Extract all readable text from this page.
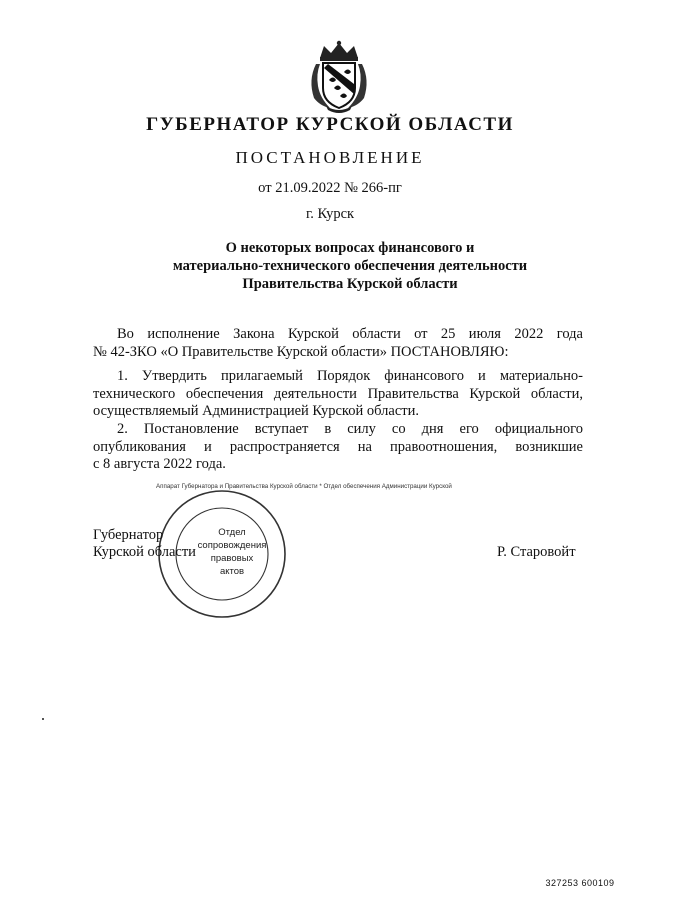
ГУБЕРНАТОР КУРСКОЙ ОБЛАСТИ
ПОСТАНОВЛЕНИЕ
от 21.09.2022 № 266-пг
г. Курск
О некоторых вопросах финансового и
материально-технического обеспечения деятельности
Правительства Курской области
Во исполнение Закона Курской области от 25 июля 2022 года
№ 42-ЗКО «О Правительстве Курской области» ПОСТАНОВЛЯЮ:
1. Утвердить прилагаемый Порядок финансового и материально-
технического обеспечения деятельности Правительства Курской области,
осуществляемый Администрацией Курской области.
2. Постановление вступает в силу со дня его официального
опубликования и распространяется на правоотношения, возникшие
с 8 августа 2022 года.
Аппарат Губернатора и Правительства Курской области * Отдел обеспечения Администрации Курской
Отдел
сопровождения
правовых
актов
Губернатор
Курской области	Р. Старовойт
327253 600109
